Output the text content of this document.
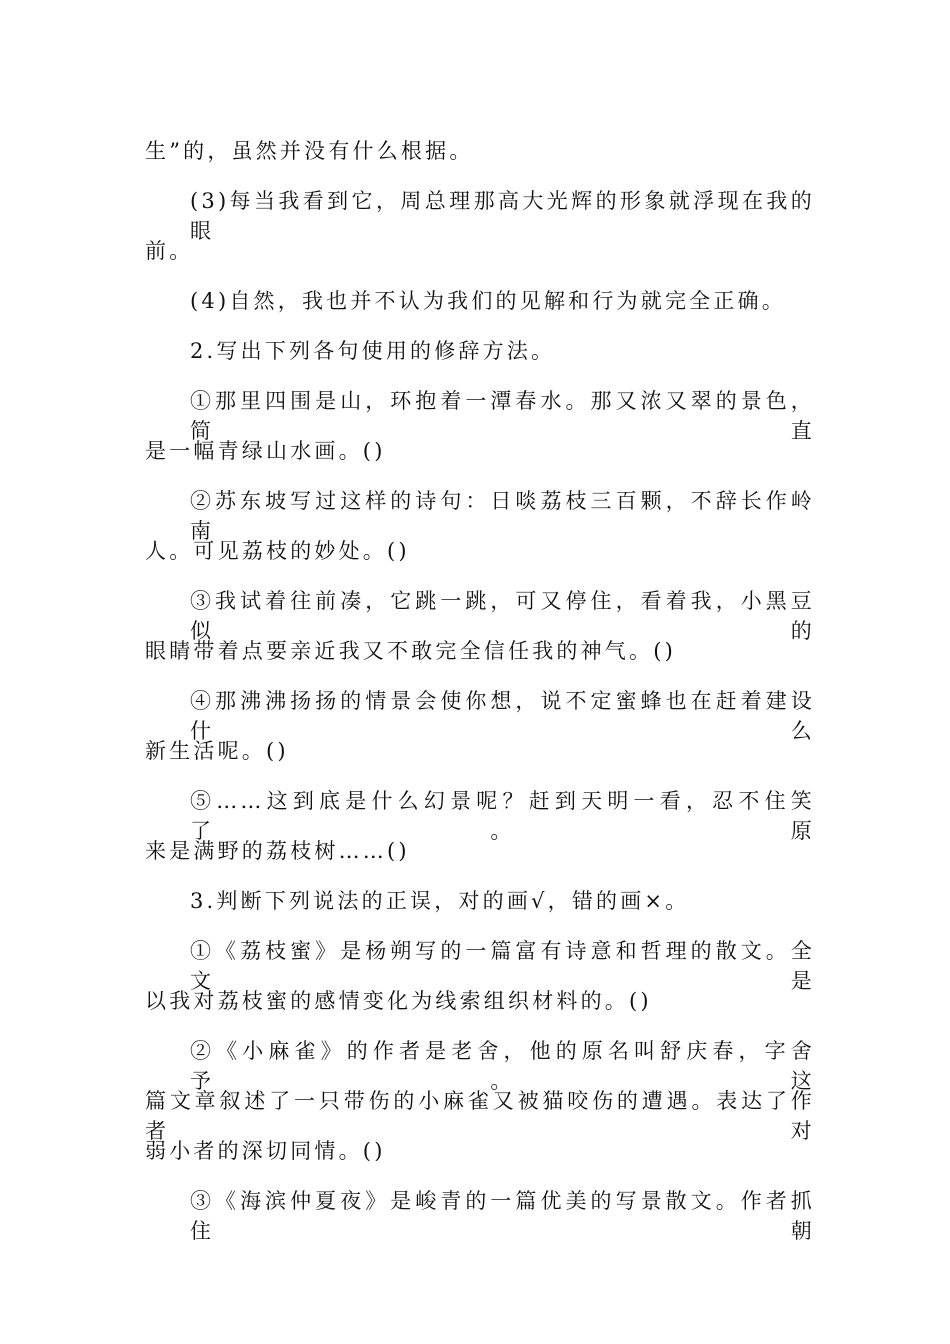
生”的，虽然并没有什么根据。
(3)每当我看到它，周总理那高大光辉的形象就浮现在我的眼
前。
(4)自然，我也并不认为我们的见解和行为就完全正确。
2.写出下列各句使用的修辞方法。
①那里四围是山，环抱着一潭春水。那又浓又翠的景色，简直
是一幅青绿山水画。()
②苏东坡写过这样的诗句：日啖荔枝三百颗，不辞长作岭南
人。可见荔枝的妙处。()
③我试着往前凑，它跳一跳，可又停住，看着我，小黑豆似的
眼睛带着点要亲近我又不敢完全信任我的神气。()
④那沸沸扬扬的情景会使你想，说不定蜜蜂也在赶着建设什么
新生活呢。()
⑤……这到底是什么幻景呢？赶到天明一看，忍不住笑了。原
来是满野的荔枝树……()
3.判断下列说法的正误，对的画√，错的画×。
①《荔枝蜜》是杨朔写的一篇富有诗意和哲理的散文。全文是
以我对荔枝蜜的感情变化为线索组织材料的。()
②《小麻雀》的作者是老舍，他的原名叫舒庆春，字舍予。这
篇文章叙述了一只带伤的小麻雀又被猫咬伤的遭遇。表达了作者对
弱小者的深切同情。()
③《海滨仲夏夜》是峻青的一篇优美的写景散文。作者抓住朝
